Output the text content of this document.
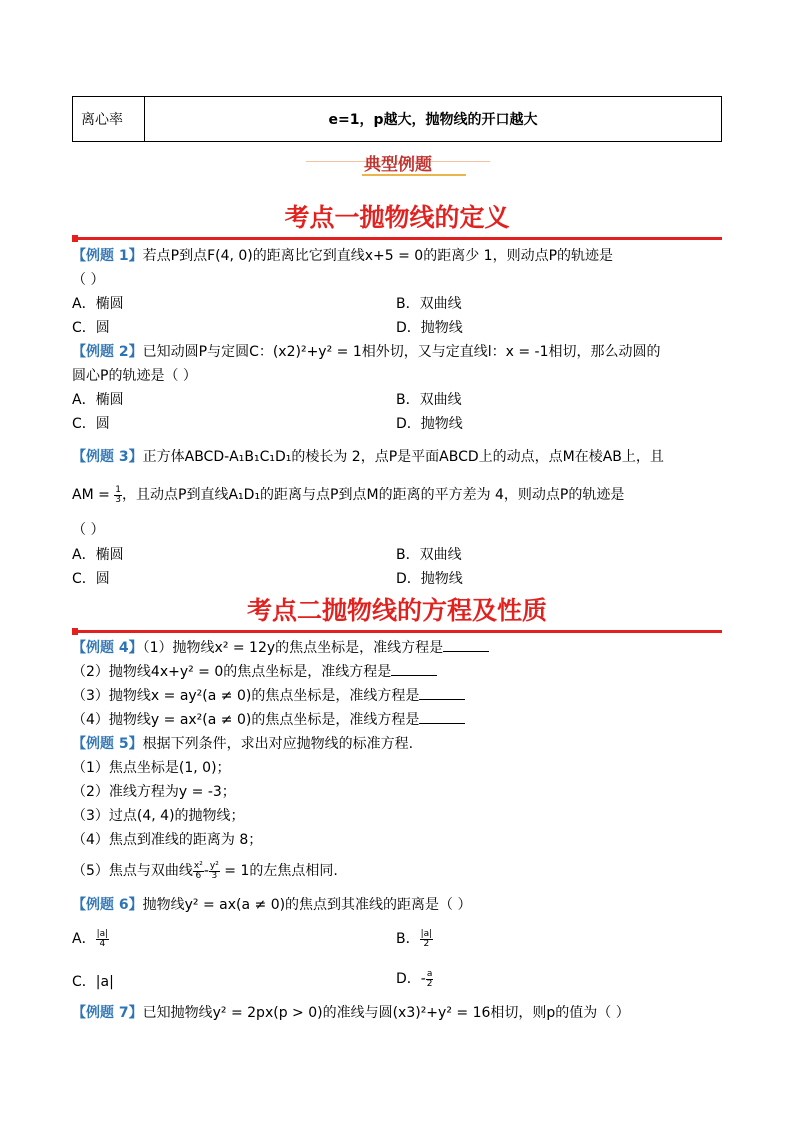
离心率	e=1，p越大，抛物线的开口越大
典型例题
考点一抛物线的定义
【例题 1】若点P到点F(4, 0)的距离比它到直线x+5 = 0的距离少 1，则动点P的轨迹是
（ ）
A．椭圆	B．双曲线
C．圆	D．抛物线
【例题 2】已知动圆P与定圆C：(x2)²+y² = 1相外切，又与定直线l：x = ‑1相切，那么动圆的
圆心P的轨迹是（ ）
A．椭圆	B．双曲线
C．圆	D．抛物线
【例题 3】正方体ABCD‑A₁B₁C₁D₁的棱长为 2，点P是平面ABCD上的动点，点M在棱AB上，且
AM = $\frac{1}{3}$ ，且动点P到直线A₁D₁的距离与点P到点M的距离的平方差为 4，则动点P的轨迹是
（ ）
A．椭圆	B．双曲线
C．圆	D．抛物线
考点二抛物线的方程及性质
【例题 4】（1）抛物线x² = 12y的焦点坐标是，准线方程是
（2）抛物线4x+y² = 0的焦点坐标是，准线方程是
（3）抛物线x = ay²(a ≠ 0)的焦点坐标是，准线方程是
（4）抛物线y = ax²(a ≠ 0)的焦点坐标是，准线方程是
【例题 5】根据下列条件，求出对应抛物线的标准方程.
（1）焦点坐标是(1, 0)；
（2）准线方程为y = ‑3；
（3）过点(4, 4)的抛物线；
（4）焦点到准线的距离为 8；
（5）焦点与双曲线 $\frac{\text{x²}}{6}$ ‑ $\frac{\text{y²}}{3} = 1$的左焦点相同.
【例题 6】抛物线y² = ax(a ≠ 0)的焦点到其准线的距离是（ ）
A． $\frac{|a|}{4}$	B． $\frac{|a|}{2}$
C．|a|	D．‑ $\frac{a}{2}$
【例题 7】已知抛物线y² = 2px(p > 0)的准线与圆(x3)²+y² = 16相切，则p的值为（ ）
